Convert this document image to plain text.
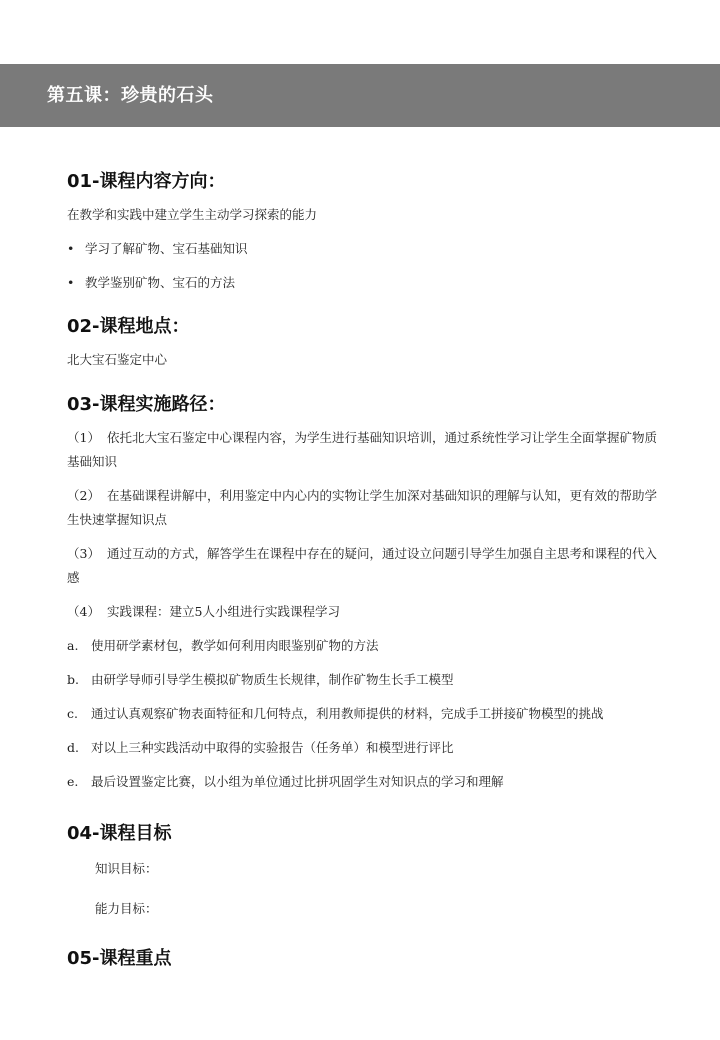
第五课：珍贵的石头
01-课程内容方向：
在教学和实践中建立学生主动学习探索的能力
• 学习了解矿物、宝石基础知识
• 教学鉴别矿物、宝石的方法
02-课程地点：
北大宝石鉴定中心
03-课程实施路径：
（1） 依托北大宝石鉴定中心课程内容，为学生进行基础知识培训，通过系统性学习让学生全面掌握矿物质基础知识
（2） 在基础课程讲解中，利用鉴定中内心内的实物让学生加深对基础知识的理解与认知，更有效的帮助学生快速掌握知识点
（3） 通过互动的方式，解答学生在课程中存在的疑问，通过设立问题引导学生加强自主思考和课程的代入感
（4） 实践课程：建立5人小组进行实践课程学习
a. 使用研学素材包，教学如何利用肉眼鉴别矿物的方法
b. 由研学导师引导学生模拟矿物质生长规律，制作矿物生长手工模型
c. 通过认真观察矿物表面特征和几何特点，利用教师提供的材料，完成手工拼接矿物模型的挑战
d. 对以上三种实践活动中取得的实验报告（任务单）和模型进行评比
e. 最后设置鉴定比赛，以小组为单位通过比拼巩固学生对知识点的学习和理解
04-课程目标
知识目标：
能力目标：
05-课程重点
